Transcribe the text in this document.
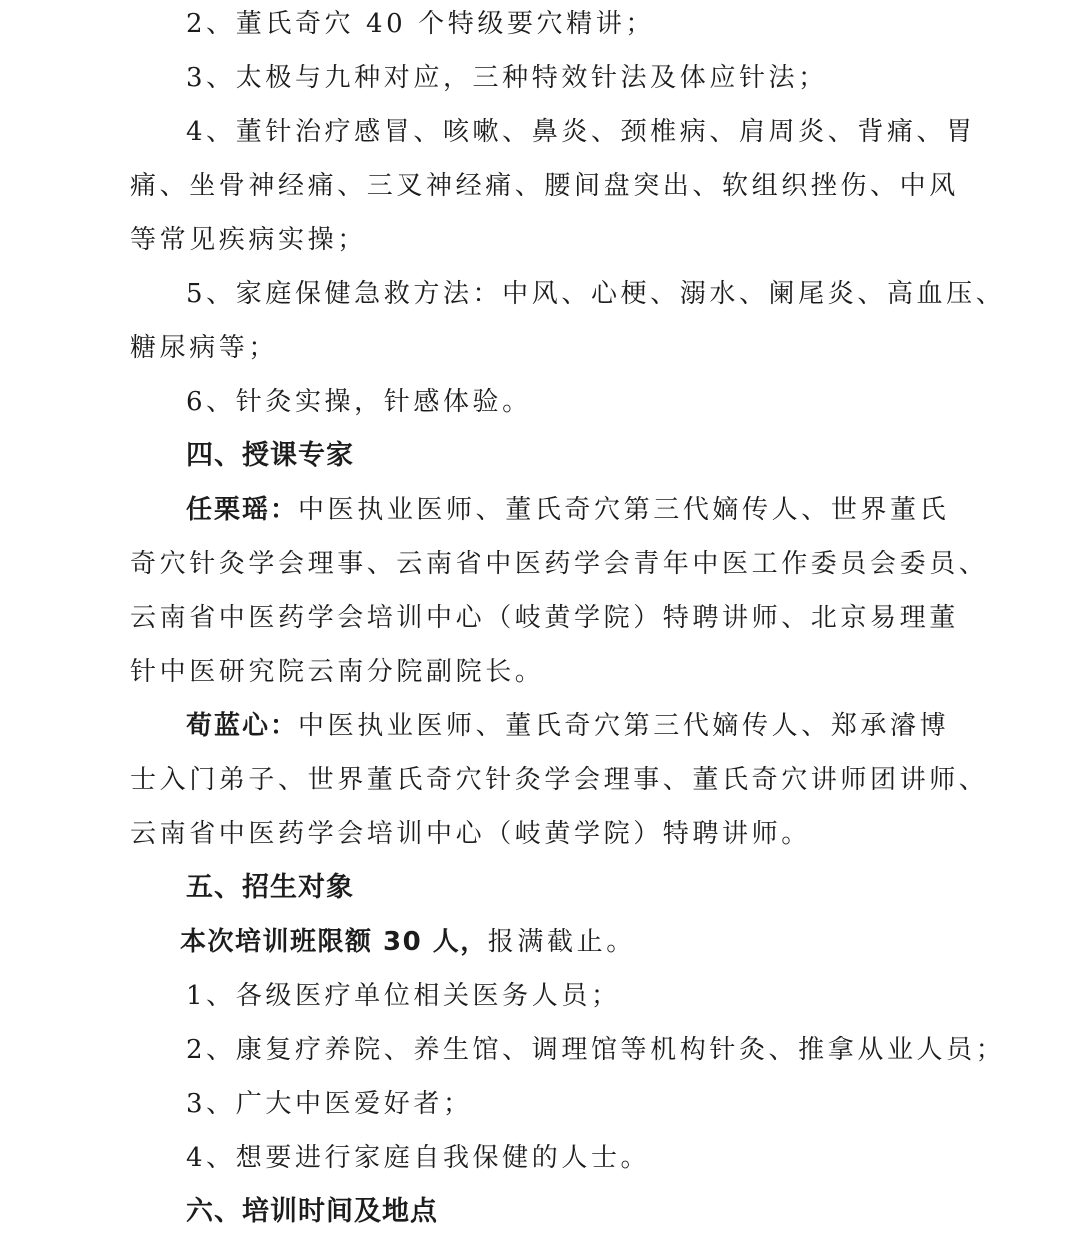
2、董氏奇穴 40 个特级要穴精讲；
3、太极与九种对应，三种特效针法及体应针法；
4、董针治疗感冒、咳嗽、鼻炎、颈椎病、肩周炎、背痛、胃
痛、坐骨神经痛、三叉神经痛、腰间盘突出、软组织挫伤、中风
等常见疾病实操；
5、家庭保健急救方法：中风、心梗、溺水、阑尾炎、高血压、
糖尿病等；
6、针灸实操，针感体验。
四、授课专家
任栗瑶：中医执业医师、董氏奇穴第三代嫡传人、世界董氏
奇穴针灸学会理事、云南省中医药学会青年中医工作委员会委员、
云南省中医药学会培训中心（岐黄学院）特聘讲师、北京易理董
针中医研究院云南分院副院长。
荀蓝心：中医执业医师、董氏奇穴第三代嫡传人、郑承濬博
士入门弟子、世界董氏奇穴针灸学会理事、董氏奇穴讲师团讲师、
云南省中医药学会培训中心（岐黄学院）特聘讲师。
五、招生对象
本次培训班限额 30 人，报满截止。
1、各级医疗单位相关医务人员；
2、康复疗养院、养生馆、调理馆等机构针灸、推拿从业人员；
3、广大中医爱好者；
4、想要进行家庭自我保健的人士。
六、培训时间及地点
